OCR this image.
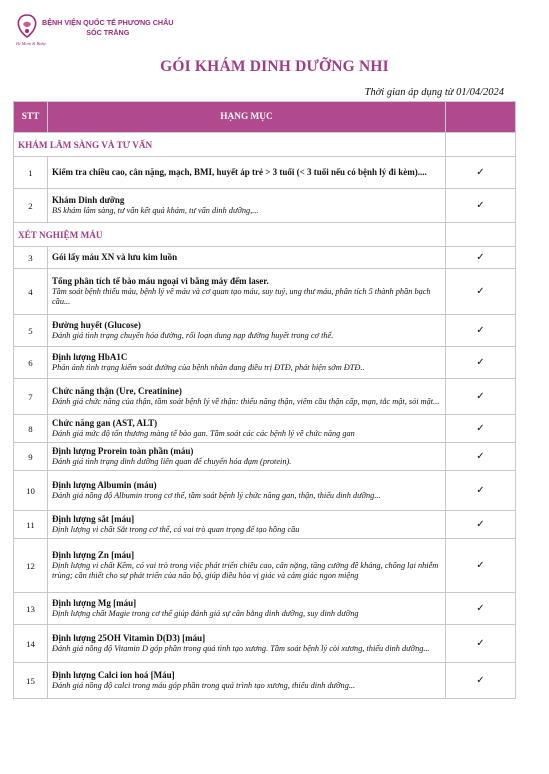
BỆNH VIỆN QUỐC TẾ PHƯƠNG CHÂU
SÓC TRĂNG
Hi Mom & Baby
GÓI KHÁM DINH DƯỠNG NHI
Thời gian áp dụng từ 01/04/2024
STT	HẠNG MỤC	
KHÁM LÂM SÀNG VÀ TƯ VẤN		
1	Kiểm tra chiều cao, cân nặng, mạch, BMI, huyết áp trẻ > 3 tuổi (< 3 tuổi nếu có bệnh lý đi kèm)....	✓
2	Khám Dinh dưỡng
BS khám lâm sàng, tư vấn kết quả khám, tư vấn dinh dưỡng,...	✓
XÉT NGHIỆM MÁU		
3	Gói lấy máu XN và lưu kim luồn	✓
4	Tổng phân tích tế bào máu ngoại vi bằng máy đếm laser.
Tầm soát bệnh thiếu máu, bệnh lý về máu và cơ quan tạo máu, suy tuỷ, ung thư máu, phân tích 5 thành phần bạch cầu...	✓
5	Đường huyết (Glucose)
Đánh giá tình trạng chuyển hóa đường, rối loạn dung nạp đường huyết trong cơ thể.	✓
6	Định lượng HbA1C
Phản ánh tình trạng kiểm soát đường của bệnh nhân đang điều trị ĐTĐ, phát hiện sớm ĐTĐ..	✓
7	Chức năng thận (Ure, Creatinine)
Đánh giá chức năng của thận, tầm soát bệnh lý về thận: thiểu năng thận, viêm cầu thận cấp, mạn, tắc mật, sỏi mật...	✓
8	Chức năng gan (AST, ALT)
Đánh giá mức độ tổn thương màng tế bào gan. Tầm soát các các bệnh lý về chức năng gan	✓
9	Định lượng Prorein toàn phần (máu)
Đánh giá tình trạng dinh dưỡng liên quan để chuyển hóa đạm (protein).	✓
10	Định lượng Albumin (máu)
Đánh giá nồng độ Albumin trong cơ thể, tầm soát bệnh lý chức năng gan, thận, thiểu dinh dưỡng...	✓
11	Định lượng sắt [máu]
Định lượng vi chất Sắt trong cơ thể, có vai trò quan trọng để tạo hồng cầu	✓
12	Định lượng Zn [máu]
Định lượng vi chất Kẽm, có vai trò trong việc phát triển chiều cao, cân nặng, tăng cường đề kháng, chống lại nhiễm trùng; cần thiết cho sự phát triển của não bộ, giúp điều hòa vị giác và cảm giác ngon miệng	✓
13	Định lượng Mg [máu]
Định lượng chất Magie trong cơ thể giúp đánh giá sự cân bằng dinh dưỡng, suy dinh dưỡng	✓
14	Định lượng 25OH Vitamin D(D3) [máu]
Đánh giá nồng độ Vitamin D góp phần trong quá tình tạo xương. Tầm soát bệnh lý còi xương, thiếu dinh dưỡng...	✓
15	Định lượng Calci ion hoá [Máu]
Đánh giá nồng độ calci trong máu góp phần trong quá trình tạo xương, thiếu dinh dưỡng...	✓
